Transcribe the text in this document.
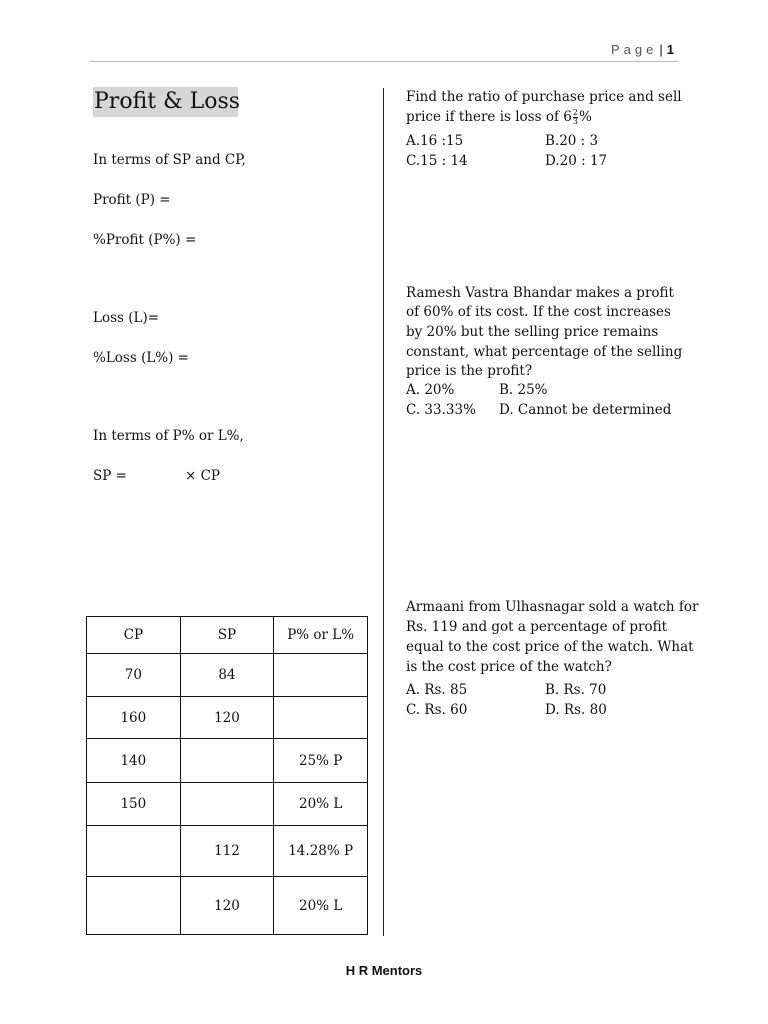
Page | 1
Profit & Loss
In terms of SP and CP,
Profit (P) =
%Profit (P%) =
Loss (L)=
%Loss (L%) =
In terms of P% or L%,
SP =	× CP
CP	SP	P% or L%
70	84	
160	120	
140		25% P
150		20% L
	112	14.28% P
	120	20% L
Find the ratio of purchase price and sell
price if there is loss of $6 \frac{2}{3}$ %
A.16 :15	B.20 : 3
C.15 : 14	D.20 : 17
Ramesh Vastra Bhandar makes a profit
of 60% of its cost. If the cost increases
by 20% but the selling price remains
constant, what percentage of the selling
price is the profit?
A. 20%	B. 25%
C. 33.33% D. Cannot be determined
Armaani from Ulhasnagar sold a watch for
Rs. 119 and got a percentage of profit
equal to the cost price of the watch. What
is the cost price of the watch?
A. Rs. 85	B. Rs. 70
C. Rs. 60	D. Rs. 80
H R Mentors
